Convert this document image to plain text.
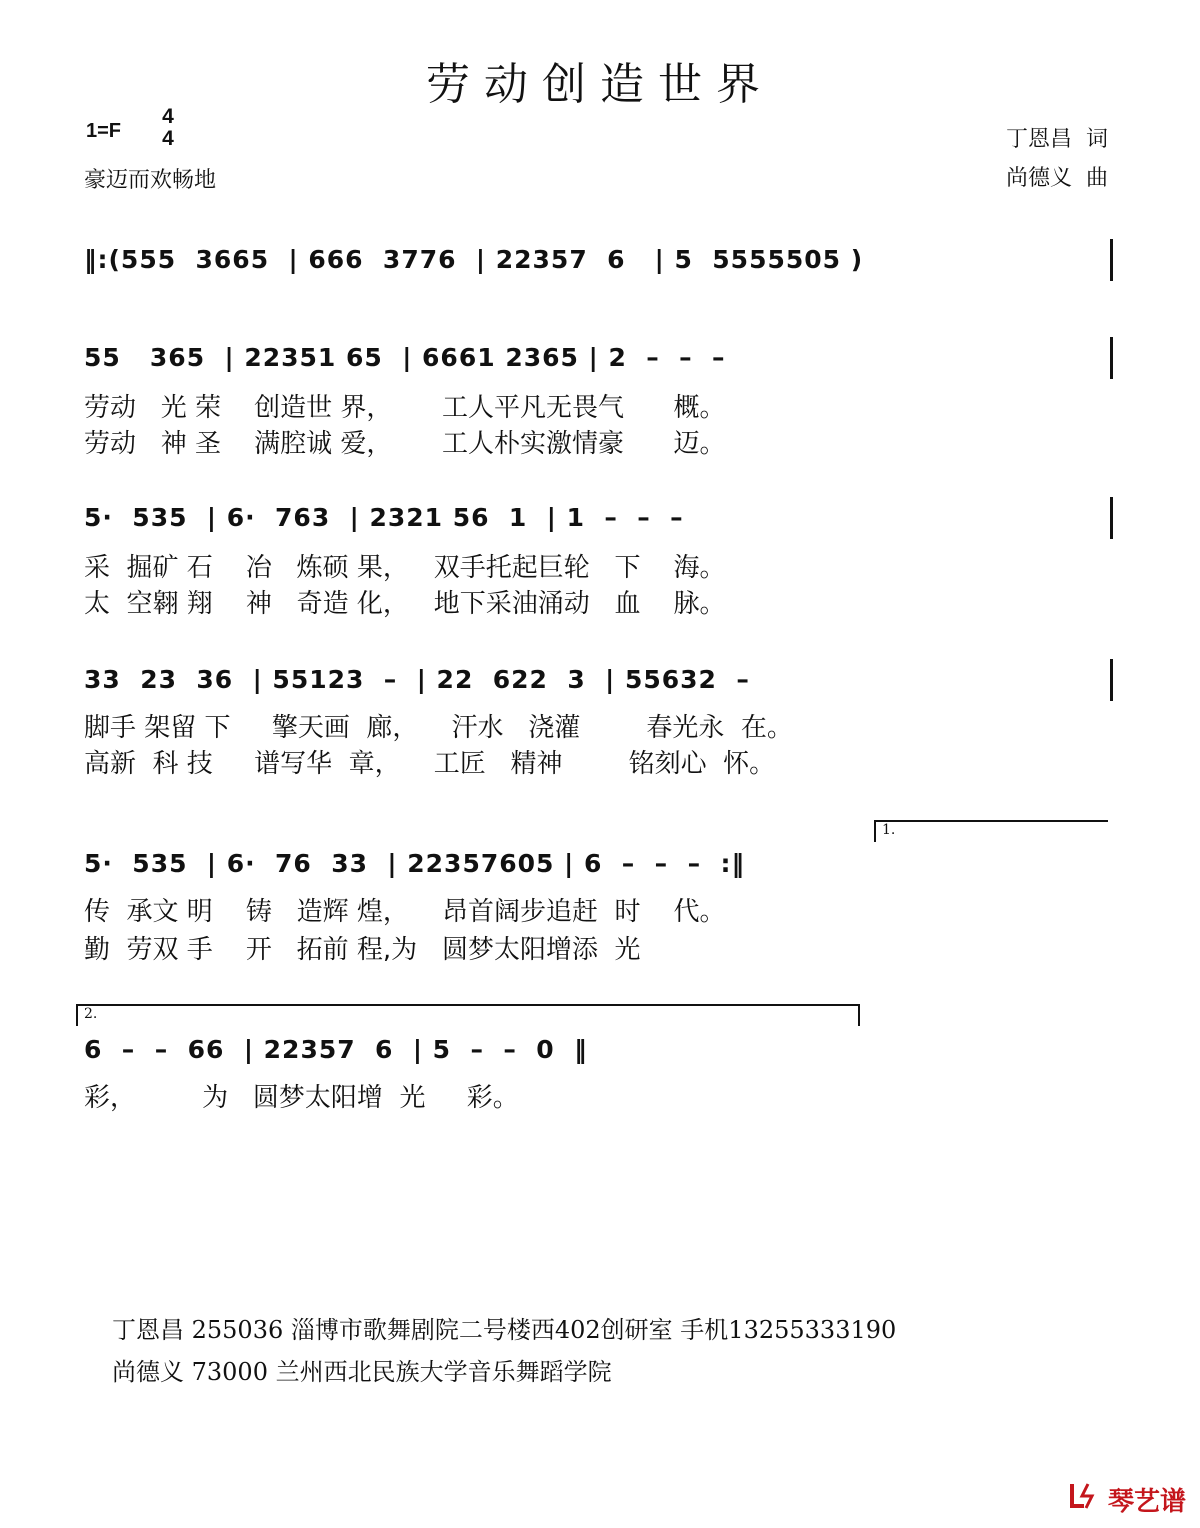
劳动创造世界
1=F
4
4
豪迈而欢畅地
丁恩昌 词
尚德义 曲
‖:(555  3665  | 666  3776  | 22357  6   | 5  5555505 )
55   365  | 22351 65  | 6661 2365 | 2  –  –  –
劳动   光 荣    创造世 界，      工人平凡无畏气      概。
劳动   神 圣    满腔诚 爱，      工人朴实激情豪      迈。
5·  535  | 6·  763  | 2321 56  1  | 1  –  –  –
采  掘矿 石    冶   炼硕 果，   双手托起巨轮   下    海。
太  空翱 翔    神   奇造 化，   地下采油涌动   血    脉。
33  23  36  | 55123  –  | 22  622  3  | 55632  –
脚手 架留 下     擎天画  廊，    汗水   浇灌        春光永  在。
高新  科 技     谱写华  章，    工匠   精神        铭刻心  怀。
1.
5·  535  | 6·  76  33  | 22357605 | 6  –  –  –  :‖
传  承文 明    铸   造辉 煌，    昂首阔步追赶  时    代。
勤  劳双 手    开   拓前 程,为   圆梦太阳增添  光
2.
6  –  –  66  | 22357  6  | 5  –  –  0  ‖
彩，        为   圆梦太阳增  光     彩。
丁恩昌 255036 淄博市歌舞剧院二号楼西402创研室 手机13255333190
尚德义 73000 兰州西北民族大学音乐舞蹈学院
琴艺谱
